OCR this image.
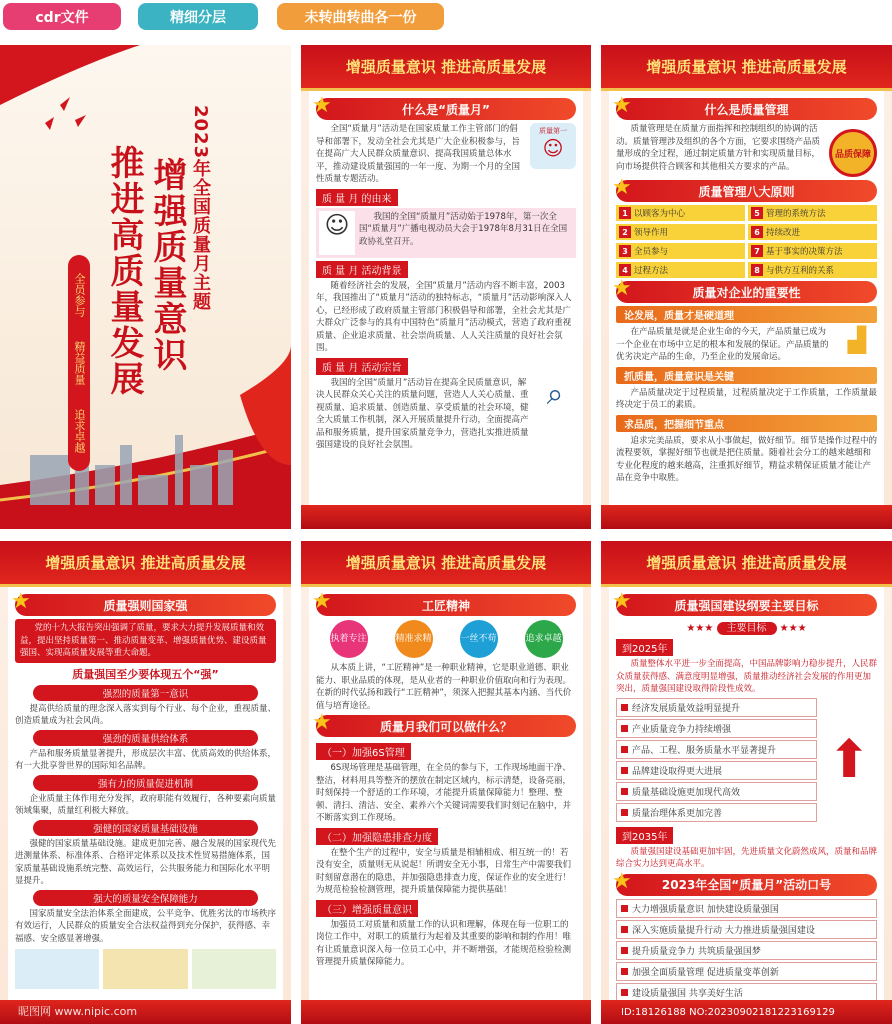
cdr文件	精细分层	未转曲转曲各一份
2023年全国质量月主题
增强质量意识
推进高质量发展
全员参与
精益质量
追求卓越
增强质量意识 推进高质量发展
★	什么是“质量月”
全国“质量月”活动是在国家质量工作主管部门的倡导和部署下，发动全社会尤其是广大企业积极参与，旨在提高广大人民群众质量意识、提高我国质量总体水平，推动建设质量强国的一年一度、为期一个月的全国性质量专题活动。
质量第一
☺
质 量 月 的由来
☺	我国的全国“质量月”活动始于1978年，第一次全国“质量月”广播电视动员大会于1978年8月31日在全国政协礼堂召开。
质 量 月 活动背景
随着经济社会的发展，全国“质量月”活动内容不断丰富，2003年，我国推出了“质量月”活动的独特标志，“质量月”活动影响深入人心，已经形成了政府质量主管部门积极倡导和部署，全社会尤其是广大群众广泛参与的具有中国特色“质量月”活动模式，营造了政府重视质量、企业追求质量、社会崇尚质量、人人关注质量的良好社会氛围。
质 量 月 活动宗旨
我国的全国“质量月”活动旨在提高全民质量意识，解决人民群众关心关注的质量问题，营造人人关心质量、重视质量、追求质量、创造质量、享受质量的社会环境，健全大质量工作机制，深入开展质量提升行动，全面提高产品和服务质量，提升国家质量竞争力，营造扎实推进质量强国建设的良好社会氛围。
⌕
增强质量意识 推进高质量发展
★	什么是质量管理
质量管理是在质量方面指挥和控制组织的协调的活动。质量管理涉及组织的各个方面，它要求围绕产品质量形成的全过程，通过制定质量方针和实现质量目标，向市场提供符合顾客和其他相关方要求的产品。
品质保障
★	质量管理八大原则
1 以顾客为中心	5 管理的系统方法
2 领导作用	6 持续改进
3 全员参与	7 基于事实的决策方法
4 过程方法	8 与供方互利的关系
★	质量对企业的重要性
论发展，质量才是硬道理
在产品质量是就是企业生命的今天，产品质量已成为一个企业在市场中立足的根本和发展的保证。产品质量的优劣决定产品的生命，乃至企业的发展命运。
▟
抓质量，质量意识是关键
产品质量决定于过程质量，过程质量决定于工作质量，工作质量最终决定于员工的素质。
求品质，把握细节重点
追求完美品质，要求从小事做起，做好细节。细节是操作过程中的流程要领，掌握好细节也就是把住质量。随着社会分工的越来越细和专业化程度的越来越高，注重抓好细节，精益求精保证质量才能让产品在竞争中取胜。
增强质量意识 推进高质量发展
★	质量强则国家强
党的十九大报告突出强调了质量，要求大力提升发展质量和效益，提出坚持质量第一、推动质量变革、增强质量优势、建设质量强国、实现高质量发展等重大命题。
质量强国至少要体现五个“强”
强烈的质量第一意识
提高供给质量的理念深入落实到每个行业、每个企业，重视质量、创造质量成为社会风尚。
强劲的质量供给体系
产品和服务质量显著提升，形成层次丰富、优质高效的供给体系，有一大批享誉世界的国际知名品牌。
强有力的质量促进机制
企业质量主体作用充分发挥，政府职能有效履行，各种要素向质量领域集聚，质量红利极大释放。
强健的国家质量基础设施
强健的国家质量基础设施。建成更加完善、融合发展的国家现代先进测量体系、标准体系、合格评定体系以及技术性贸易措施体系，国家质量基础设施系统完整、高效运行，公共服务能力和国际化水平明显提升。
强大的质量安全保障能力
国家质量安全法治体系全面建成，公平竞争、优胜劣汰的市场秩序有效运行，人民群众的质量安全合法权益得到充分保护，获得感、幸福感、安全感显著增强。
昵图网 www.nipic.com
增强质量意识 推进高质量发展
★	工匠精神
执着专注	精准求精	一丝不苟	追求卓越
从本质上讲，“工匠精神”是一种职业精神，它是职业道德、职业能力、职业品质的体现，是从业者的一种职业价值取向和行为表现。在新的时代弘扬和践行“工匠精神”，须深入把握其基本内涵、当代价值与培育途径。
★	质量月我们可以做什么？
（一）加强6S管理
6S现场管理是基础管理，在全员的参与下，工作现场地面干净、整洁，材料用具等整齐的摆放在制定区域内，标示清楚，设备亮丽，时刻保持一个舒适的工作环境，才能提升质量保障能力！整理、整顿、清扫、清洁、安全、素养六个关键词需要我们时刻记在脑中，并不断落实到工作现场。
（二）加强隐患排查力度
在整个生产的过程中，安全与质量是相辅相成、相互统一的！若没有安全，质量则无从说起！所谓安全无小事，日常生产中需要我们时刻留意潜在的隐患，并加强隐患排查力度，保证作业的安全进行！为规范检验检测管理，提升质量保障能力提供基础！
（三）增强质量意识
加强员工对质量和质量工作的认识和理解，体现在每一位职工的岗位工作中，对职工的质量行为起着及其重要的影响和制约作用！唯有让质量意识深入每一位员工心中，并不断增强，才能规范检验检测管理提升质量保障能力。
增强质量意识 推进高质量发展
★	质量强国建设纲要主要目标
★★★ 主要目标 ★★★
到2025年
质量整体水平进一步全面提高，中国品牌影响力稳步提升，人民群众质量获得感、满意度明显增强，质量推动经济社会发展的作用更加突出，质量强国建设取得阶段性成效。
经济发展质量效益明显提升
产业质量竞争力持续增强
产品、工程、服务质量水平显著提升
品牌建设取得更大进展
质量基础设施更加现代高效
质量治理体系更加完善
⬆
到2035年
质量强国建设基础更加牢固，先进质量文化蔚然成风，质量和品牌综合实力达到更高水平。
★	2023年全国“质量月”活动口号
大力增强质量意识 加快建设质量强国
深入实施质量提升行动 大力推进质量强国建设
提升质量竞争力 共筑质量强国梦
加强全面质量管理 促进质量变革创新
建设质量强国 共享美好生活
ID:18126188 NO:20230902181223169129
